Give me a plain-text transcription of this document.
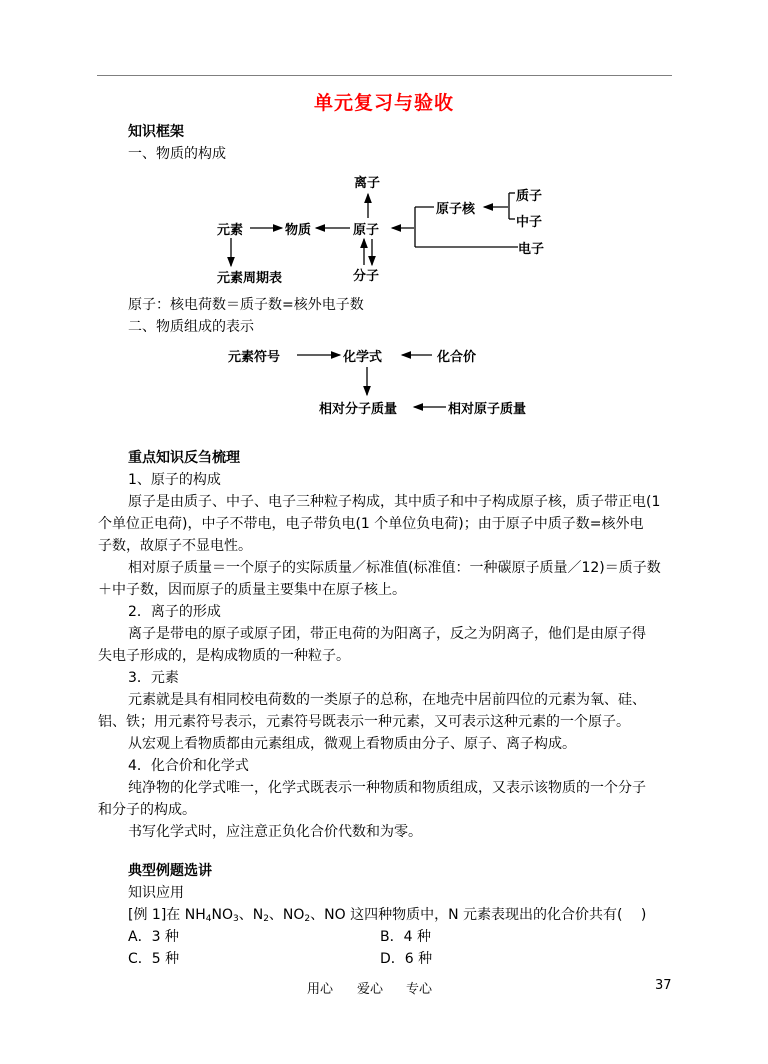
单元复习与验收
知识框架
一、物质的构成
离子
元素	物质	原子
分子
元素周期表
原子核
质子
中子
电子
原子：核电荷数＝质子数=核外电子数
二、物质组成的表示
元素符号	化学式	化合价
相对分子质量	相对原子质量
重点知识反刍梳理
1、原子的构成
原子是由质子、中子、电子三种粒子构成，其中质子和中子构成原子核，质子带正电(1
个单位正电荷)，中子不带电，电子带负电(1 个单位负电荷)；由于原子中质子数=核外电
子数，故原子不显电性。
相对原子质量＝一个原子的实际质量／标准值(标准值：一种碳原子质量／12)＝质子数
＋中子数，因而原子的质量主要集中在原子核上。
2．离子的形成
离子是带电的原子或原子团，带正电荷的为阳离子，反之为阴离子，他们是由原子得
失电子形成的，是构成物质的一种粒子。
3．元素
元素就是具有相同校电荷数的一类原子的总称，在地壳中居前四位的元素为氧、硅、
铝、铁；用元素符号表示，元素符号既表示一种元素，又可表示这种元素的一个原子。
从宏观上看物质都由元素组成，微观上看物质由分子、原子、离子构成。
4．化合价和化学式
纯净物的化学式唯一，化学式既表示一种物质和物质组成，又表示该物质的一个分子
和分子的构成。
书写化学式时，应注意正负化合价代数和为零。
典型例题选讲
知识应用
[例 1]在 $NH_4NO_3$、$N_2$、$NO_2$、NO 这四种物质中，N 元素表现出的化合价共有(　 )
A．3 种	B．4 种
C．5 种	D．6 种
用心 爱心 专心	37
